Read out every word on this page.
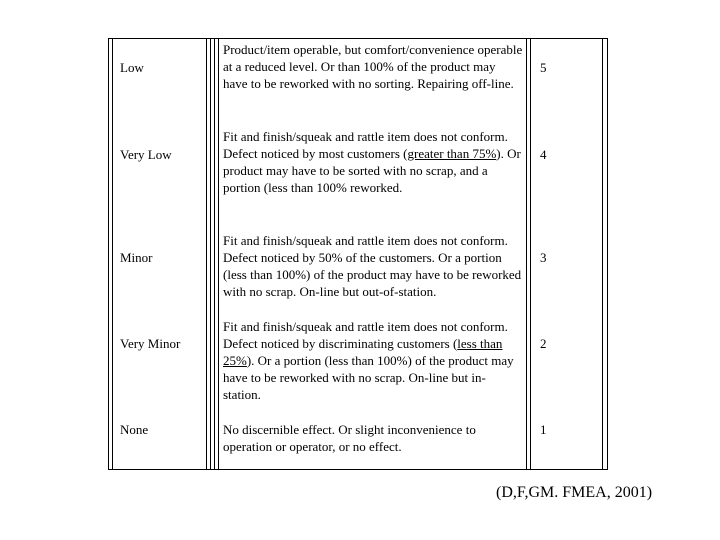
Low
Product/item operable, but comfort/convenience operable at a reduced level. Or than 100% of the product may have to be reworked with no sorting. Repairing off-line.
5
Very Low
Fit and finish/squeak and rattle item does not conform. Defect noticed by most customers (greater than 75%). Or product may have to be sorted with no scrap, and a portion (less than 100% reworked.
4
Minor
Fit and finish/squeak and rattle item does not conform. Defect noticed by 50% of the customers. Or a portion (less than 100%) of the product may have to be reworked with no scrap. On-line but out-of-station.
3
Very Minor
Fit and finish/squeak and rattle item does not conform. Defect noticed by discriminating customers (less than 25%). Or a portion (less than 100%) of the product may have to be reworked with no scrap. On-line but in-station.
2
None	No discernible effect. Or slight inconvenience to operation or operator, or no effect.
1
(D,F,GM. FMEA, 2001)
